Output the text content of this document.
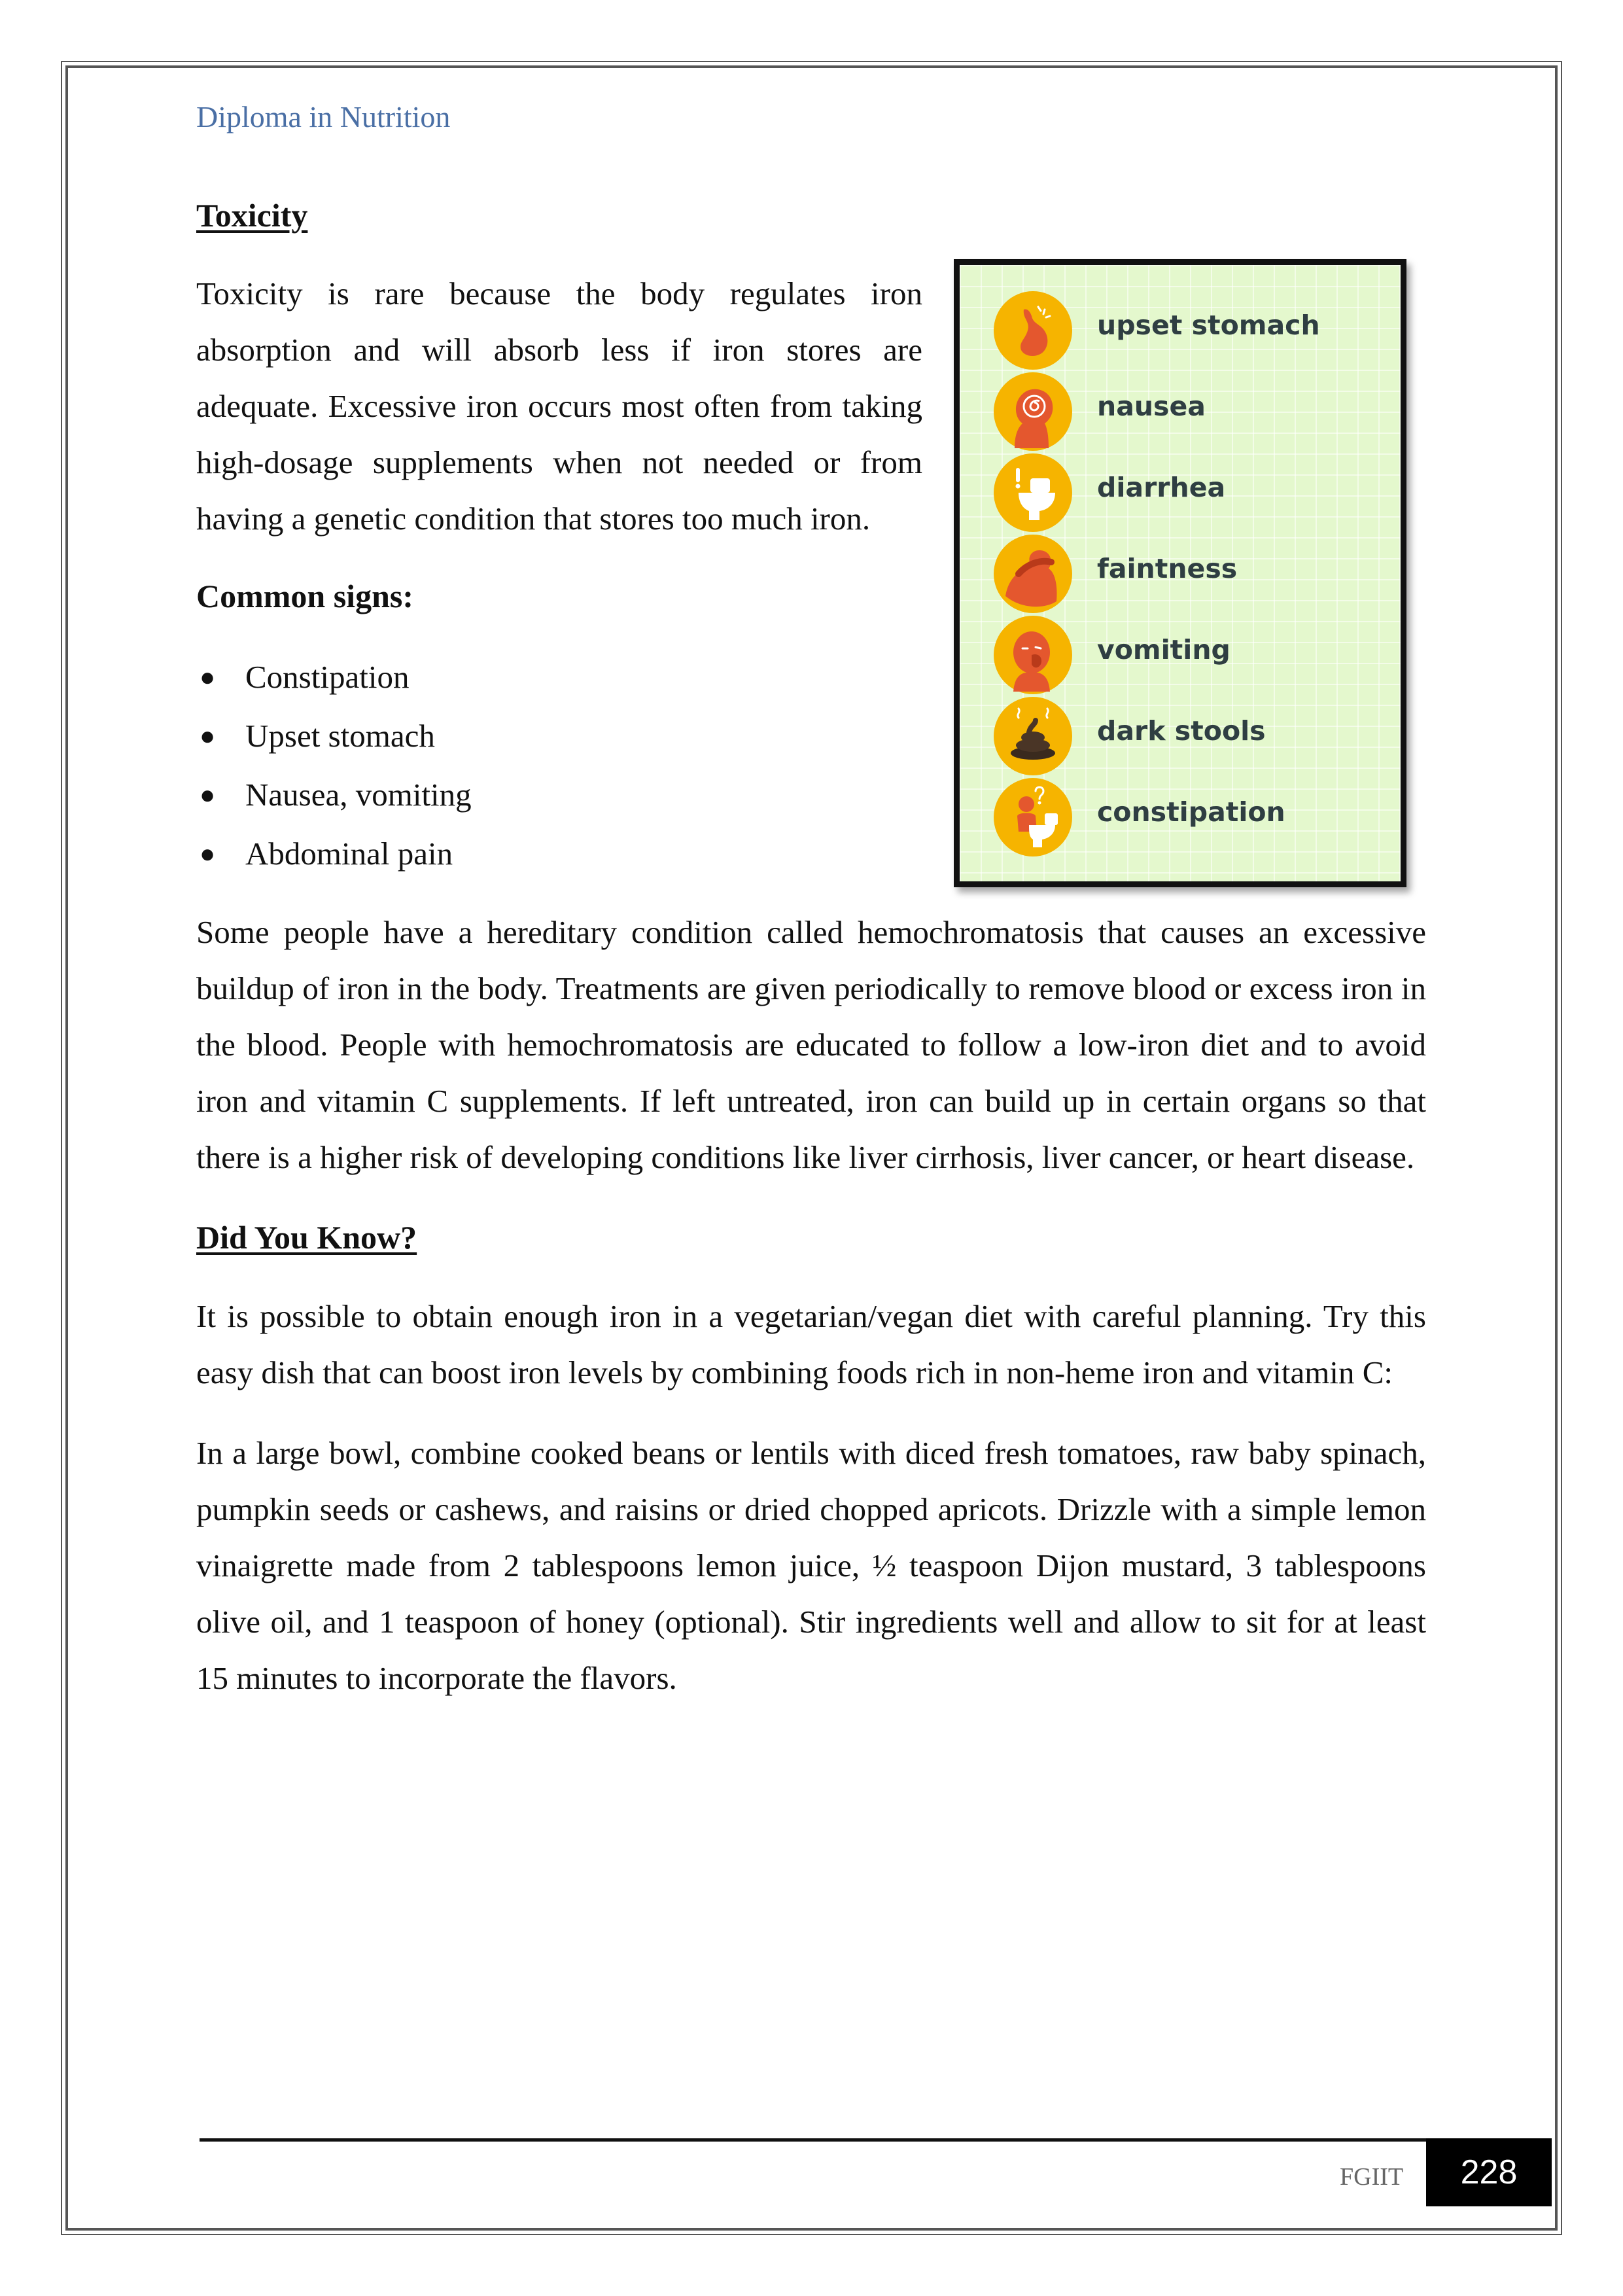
Diploma in Nutrition
Toxicity

Toxicity is rare because the body regulates iron absorption and will absorb less if iron stores are adequate. Excessive iron occurs most often from taking high-dosage supplements when not needed or from having a genetic condition that stores too much iron.

Common signs:
● Constipation
● Upset stomach
● Nausea, vomiting
● Abdominal pain
upset stomach
nausea
diarrhea
faintness
vomiting
dark stools
constipation

Some people have a hereditary condition called hemochromatosis that causes an excessive buildup of iron in the body. Treatments are given periodically to remove blood or excess iron in the blood. People with hemochromatosis are educated to follow a low-iron diet and to avoid iron and vitamin C supplements. If left untreated, iron can build up in certain organs so that there is a higher risk of developing conditions like liver cirrhosis, liver cancer, or heart disease.

Did You Know?

It is possible to obtain enough iron in a vegetarian/vegan diet with careful planning. Try this easy dish that can boost iron levels by combining foods rich in non-heme iron and vitamin C:

In a large bowl, combine cooked beans or lentils with diced fresh tomatoes, raw baby spinach, pumpkin seeds or cashews, and raisins or dried chopped apricots. Drizzle with a simple lemon vinaigrette made from 2 tablespoons lemon juice, ½ teaspoon Dijon mustard, 3 tablespoons olive oil, and 1 teaspoon of honey (optional). Stir ingredients well and allow to sit for at least 15 minutes to incorporate the flavors.

FGIIT	228
